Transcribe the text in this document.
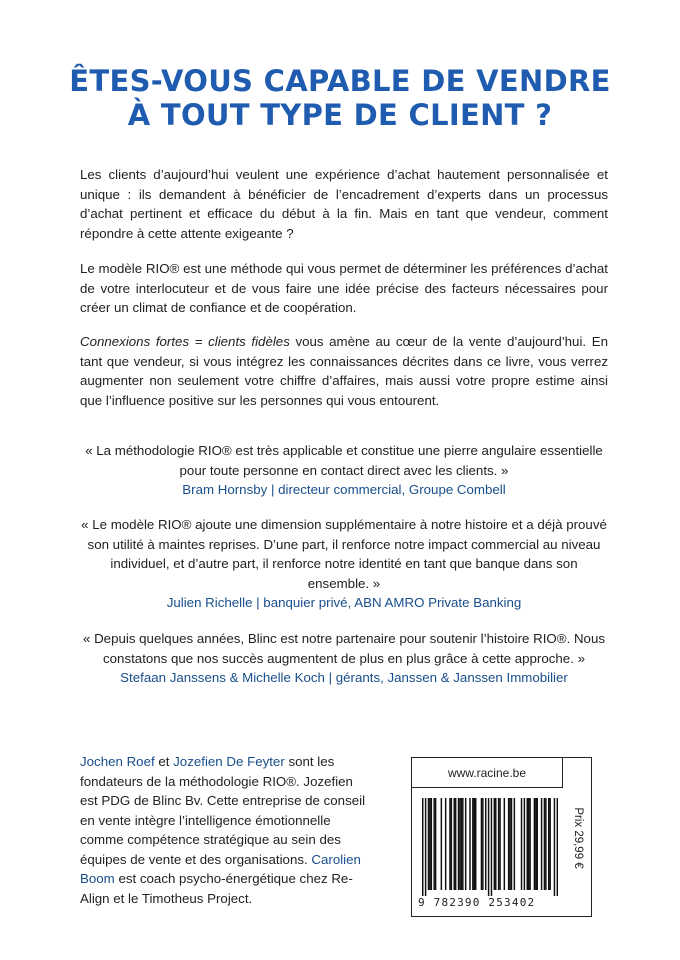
ÊTES-VOUS CAPABLE DE VENDRE
À TOUT TYPE DE CLIENT ?

Les clients d’aujourd’hui veulent une expérience d’achat hautement personnalisée et unique : ils demandent à bénéficier de l’encadrement d’experts dans un processus d’achat pertinent et efficace du début à la fin. Mais en tant que vendeur, comment répondre à cette attente exigeante ?

Le modèle RIO® est une méthode qui vous permet de déterminer les préférences d’achat de votre interlocuteur et de vous faire une idée précise des facteurs nécessaires pour créer un climat de confiance et de coopération.

Connexions fortes = clients fidèles vous amène au cœur de la vente d’aujourd’hui. En tant que vendeur, si vous intégrez les connaissances décrites dans ce livre, vous verrez augmenter non seulement votre chiffre d’affaires, mais aussi votre propre estime ainsi que l’influence positive sur les personnes qui vous entourent.

« La méthodologie RIO® est très applicable et constitue une pierre angulaire essentielle pour toute personne en contact direct avec les clients. »
Bram Hornsby | directeur commercial, Groupe Combell
« Le modèle RIO® ajoute une dimension supplémentaire à notre histoire et a déjà prouvé son utilité à maintes reprises. D’une part, il renforce notre impact commercial au niveau individuel, et d’autre part, il renforce notre identité en tant que banque dans son ensemble. »
Julien Richelle | banquier privé, ABN AMRO Private Banking
« Depuis quelques années, Blinc est notre partenaire pour soutenir l’histoire RIO®. Nous constatons que nos succès augmentent de plus en plus grâce à cette approche. »
Stefaan Janssens & Michelle Koch | gérants, Janssen & Janssen Immobilier
Jochen Roef et Jozefien De Feyter sont les fondateurs de la méthodologie RIO®. Jozefien est PDG de Blinc Bv. Cette entreprise de conseil en vente intègre l’intelligence émotionnelle comme compétence stratégique au sein des équipes de vente et des organisations. Carolien Boom est coach psycho-énergétique chez Re-Align et le Timotheus Project.
www.racine.be
Prix 29,99 €
9 782390 253402
